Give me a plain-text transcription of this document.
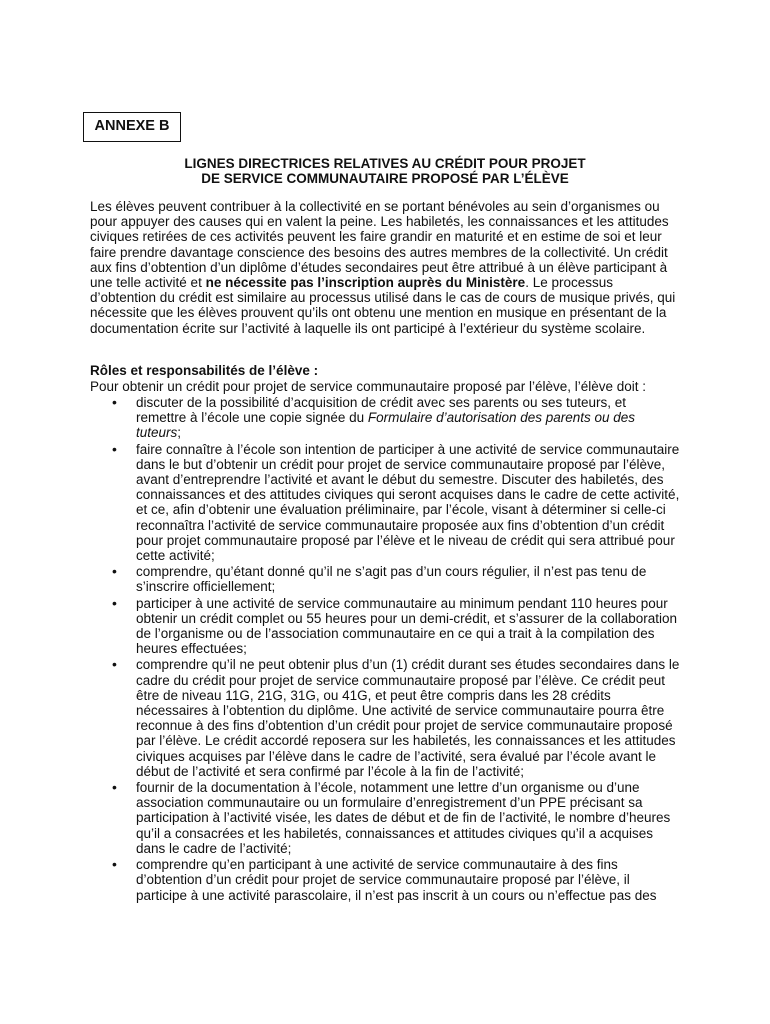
ANNEXE B
LIGNES DIRECTRICES RELATIVES AU CRÉDIT POUR PROJET
DE SERVICE COMMUNAUTAIRE PROPOSÉ PAR L’ÉLÈVE

Les élèves peuvent contribuer à la collectivité en se portant bénévoles au sein d’organismes ou pour appuyer des causes qui en valent la peine. Les habiletés, les connaissances et les attitudes civiques retirées de ces activités peuvent les faire grandir en maturité et en estime de soi et leur faire prendre davantage conscience des besoins des autres membres de la collectivité. Un crédit aux fins d’obtention d’un diplôme d’études secondaires peut être attribué à un élève participant à une telle activité et ne nécessite pas l’inscription auprès du Ministère. Le processus d’obtention du crédit est similaire au processus utilisé dans le cas de cours de musique privés, qui nécessite que les élèves prouvent qu’ils ont obtenu une mention en musique en présentant de la documentation écrite sur l’activité à laquelle ils ont participé à l’extérieur du système scolaire.

Rôles et responsabilités de l’élève :

Pour obtenir un crédit pour projet de service communautaire proposé par l’élève, l’élève doit :

• discuter de la possibilité d’acquisition de crédit avec ses parents ou ses tuteurs, et remettre à l’école une copie signée du Formulaire d’autorisation des parents ou des tuteurs;
• faire connaître à l’école son intention de participer à une activité de service communautaire dans le but d’obtenir un crédit pour projet de service communautaire proposé par l’élève, avant d’entreprendre l’activité et avant le début du semestre. Discuter des habiletés, des connaissances et des attitudes civiques qui seront acquises dans le cadre de cette activité, et ce, afin d’obtenir une évaluation préliminaire, par l’école, visant à déterminer si celle-ci reconnaîtra l’activité de service communautaire proposée aux fins d’obtention d’un crédit pour projet communautaire proposé par l’élève et le niveau de crédit qui sera attribué pour cette activité;
• comprendre, qu’étant donné qu’il ne s’agit pas d’un cours régulier, il n’est pas tenu de s’inscrire officiellement;
• participer à une activité de service communautaire au minimum pendant 110 heures pour obtenir un crédit complet ou 55 heures pour un demi-crédit, et s’assurer de la collaboration de l’organisme ou de l’association communautaire en ce qui a trait à la compilation des heures effectuées;
• comprendre qu’il ne peut obtenir plus d’un (1) crédit durant ses études secondaires dans le cadre du crédit pour projet de service communautaire proposé par l’élève. Ce crédit peut être de niveau 11G, 21G, 31G, ou 41G, et peut être compris dans les 28 crédits nécessaires à l’obtention du diplôme. Une activité de service communautaire pourra être reconnue à des fins d’obtention d’un crédit pour projet de service communautaire proposé par l’élève. Le crédit accordé reposera sur les habiletés, les connaissances et les attitudes civiques acquises par l’élève dans le cadre de l’activité, sera évalué par l’école avant le début de l’activité et sera confirmé par l’école à la fin de l’activité;
• fournir de la documentation à l’école, notamment une lettre d’un organisme ou d’une association communautaire ou un formulaire d’enregistrement d’un PPE précisant sa participation à l’activité visée, les dates de début et de fin de l’activité, le nombre d’heures qu’il a consacrées et les habiletés, connaissances et attitudes civiques qu’il a acquises dans le cadre de l’activité;
• comprendre qu’en participant à une activité de service communautaire à des fins d’obtention d’un crédit pour projet de service communautaire proposé par l’élève, il participe à une activité parascolaire, il n’est pas inscrit à un cours ou n’effectue pas des
